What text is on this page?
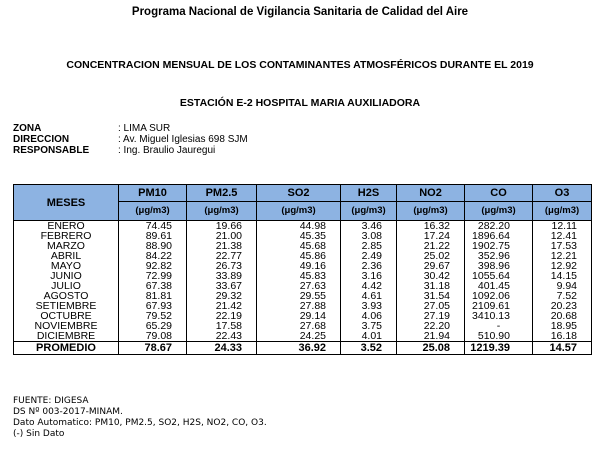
Programa Nacional de Vigilancia Sanitaria de Calidad del Aire
CONCENTRACION MENSUAL DE LOS CONTAMINANTES ATMOSFÉRICOS DURANTE EL 2019
ESTACIÓN E-2 HOSPITAL MARIA AUXILIADORA
ZONA	: LIMA SUR
DIRECCION	: Av. Miguel Iglesias 698 SJM
RESPONSABLE	: Ing. Braulio Jauregui
MESES	PM10	PM2.5	SO2	H2S	NO2	CO	O3
	(μg/m3)	(μg/m3)	(μg/m3)	(μg/m3)	(μg/m3)	(μg/m3)	(μg/m3)
ENERO	74.45	19.66	44.98	3.46	16.32	282.20	12.11
FEBRERO	89.61	21.00	45.35	3.08	17.24	1896.64	12.41
MARZO	88.90	21.38	45.68	2.85	21.22	1902.75	17.53
ABRIL	84.22	22.77	45.86	2.49	25.02	352.96	12.21
MAYO	92.82	26.73	49.16	2.36	29.67	398.96	12.92
JUNIO	72.99	33.89	45.83	3.16	30.42	1055.64	14.15
JULIO	67.38	33.67	27.63	4.42	31.18	401.45	9.94
AGOSTO	81.81	29.32	29.55	4.61	31.54	1092.06	7.52
SETIEMBRE	67.93	21.42	27.88	3.93	27.05	2109.61	20.23
OCTUBRE	79.52	22.19	29.14	4.06	27.19	3410.13	20.68
NOVIEMBRE	65.29	17.58	27.68	3.75	22.20	-	18.95
DICIEMBRE	79.08	22.43	24.25	4.01	21.94	510.90	16.18
PROMEDIO	78.67	24.33	36.92	3.52	25.08	1219.39	14.57
FUENTE: DIGESA
DS Nº 003-2017-MINAM.
Dato Automatico: PM10, PM2.5, SO2, H2S, NO2, CO, O3.
(-) Sin Dato
